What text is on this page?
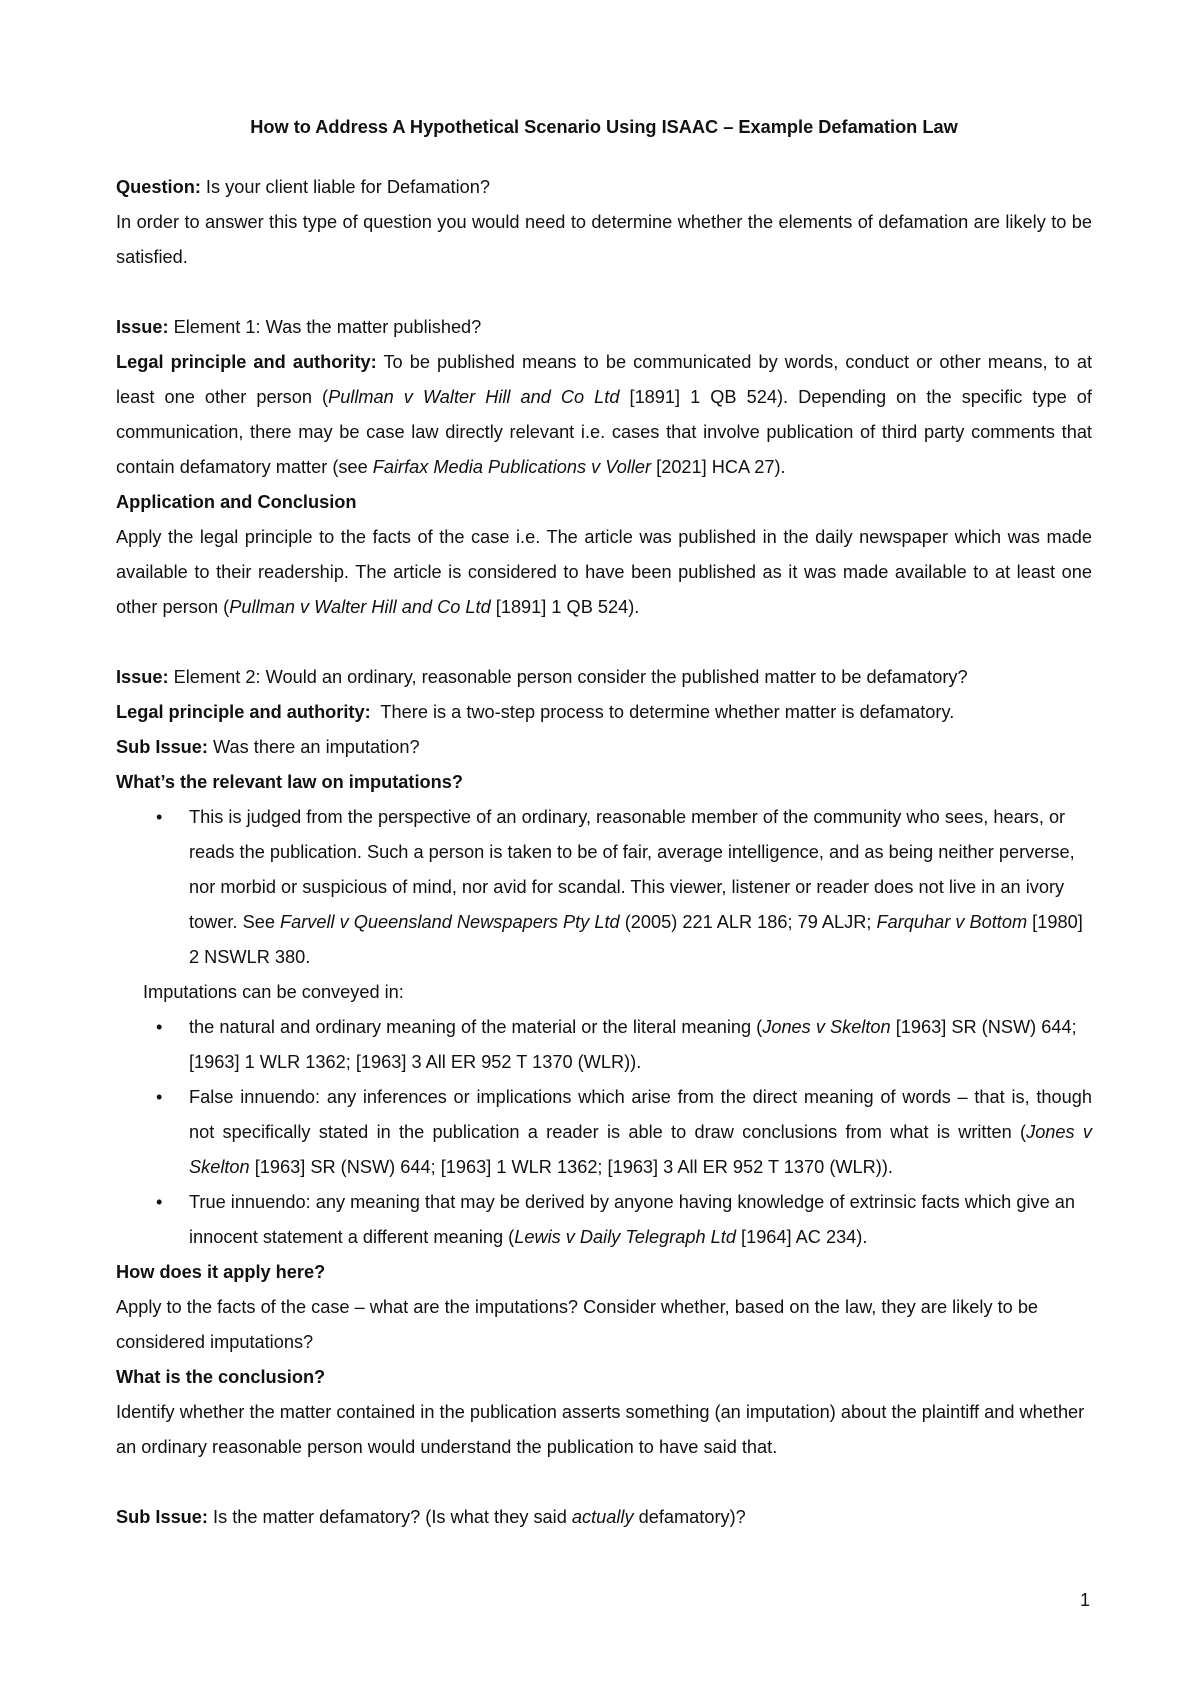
How to Address A Hypothetical Scenario Using ISAAC – Example Defamation Law

Question: Is your client liable for Defamation?

In order to answer this type of question you would need to determine whether the elements of defamation are likely to be satisfied.

Issue: Element 1: Was the matter published?

Legal principle and authority: To be published means to be communicated by words, conduct or other means, to at least one other person (Pullman v Walter Hill and Co Ltd [1891] 1 QB 524). Depending on the specific type of communication, there may be case law directly relevant i.e. cases that involve publication of third party comments that contain defamatory matter (see Fairfax Media Publications v Voller [2021] HCA 27).

Application and Conclusion

Apply the legal principle to the facts of the case i.e. The article was published in the daily newspaper which was made available to their readership. The article is considered to have been published as it was made available to at least one other person (Pullman v Walter Hill and Co Ltd [1891] 1 QB 524).

Issue: Element 2: Would an ordinary, reasonable person consider the published matter to be defamatory?

Legal principle and authority:  There is a two-step process to determine whether matter is defamatory.

Sub Issue: Was there an imputation?

What’s the relevant law on imputations?

• This is judged from the perspective of an ordinary, reasonable member of the community who sees, hears, or reads the publication. Such a person is taken to be of fair, average intelligence, and as being neither perverse, nor morbid or suspicious of mind, nor avid for scandal. This viewer, listener or reader does not live in an ivory tower. See Farvell v Queensland Newspapers Pty Ltd (2005) 221 ALR 186; 79 ALJR; Farquhar v Bottom [1980] 2 NSWLR 380.

Imputations can be conveyed in:

• the natural and ordinary meaning of the material or the literal meaning (Jones v Skelton [1963] SR (NSW) 644; [1963] 1 WLR 1362; [1963] 3 All ER 952 T 1370 (WLR)).
• False innuendo: any inferences or implications which arise from the direct meaning of words – that is, though not specifically stated in the publication a reader is able to draw conclusions from what is written (Jones v Skelton [1963] SR (NSW) 644; [1963] 1 WLR 1362; [1963] 3 All ER 952 T 1370 (WLR)).
• True innuendo: any meaning that may be derived by anyone having knowledge of extrinsic facts which give an innocent statement a different meaning (Lewis v Daily Telegraph Ltd [1964] AC 234).

How does it apply here?

Apply to the facts of the case – what are the imputations? Consider whether, based on the law, they are likely to be considered imputations?

What is the conclusion?

Identify whether the matter contained in the publication asserts something (an imputation) about the plaintiff and whether an ordinary reasonable person would understand the publication to have said that.

Sub Issue: Is the matter defamatory? (Is what they said actually defamatory)?

1
